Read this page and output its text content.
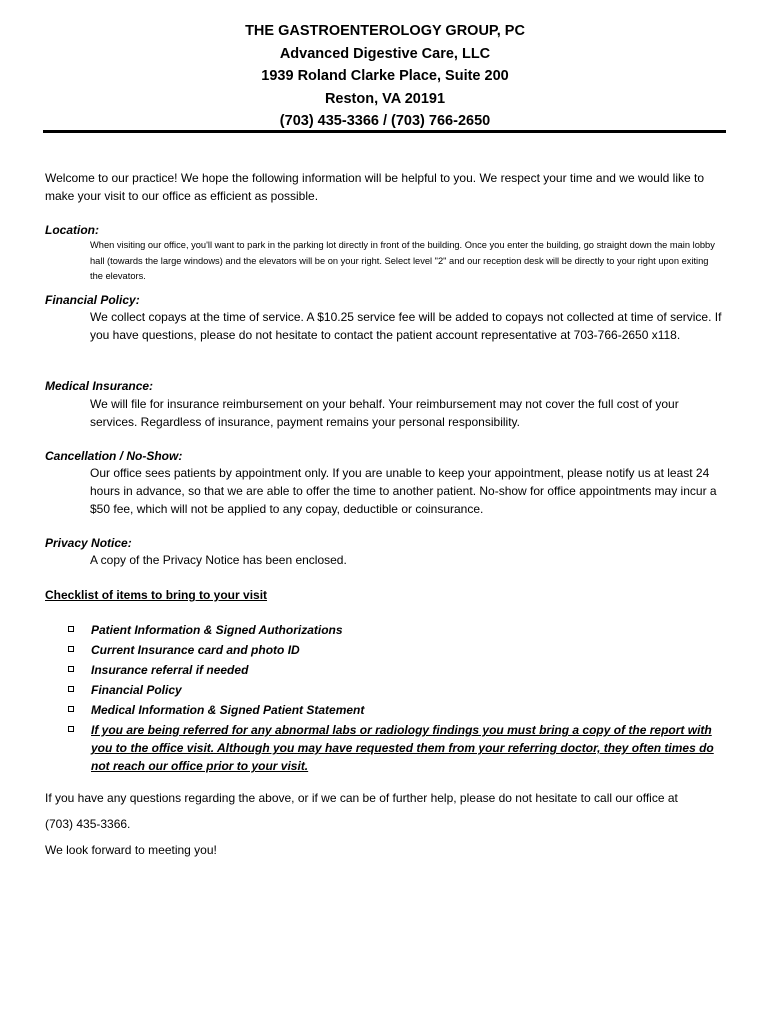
THE GASTROENTEROLOGY GROUP, PC
Advanced Digestive Care, LLC
1939 Roland Clarke Place, Suite 200
Reston, VA 20191
(703) 435-3366 / (703) 766-2650
Welcome to our practice! We hope the following information will be helpful to you. We respect your time and we would like to make your visit to our office as efficient as possible.
Location:
When visiting our office, you'll want to park in the parking lot directly in front of the building. Once you enter the building, go straight down the main lobby hall (towards the large windows) and the elevators will be on your right. Select level "2" and our reception desk will be directly to your right upon exiting the elevators.
Financial Policy:
We collect copays at the time of service. A $10.25 service fee will be added to copays not collected at time of service. If you have questions, please do not hesitate to contact the patient account representative at 703-766-2650 x118.
Medical Insurance:
We will file for insurance reimbursement on your behalf. Your reimbursement may not cover the full cost of your services. Regardless of insurance, payment remains your personal responsibility.
Cancellation / No-Show:
Our office sees patients by appointment only. If you are unable to keep your appointment, please notify us at least 24 hours in advance, so that we are able to offer the time to another patient. No-show for office appointments may incur a $50 fee, which will not be applied to any copay, deductible or coinsurance.
Privacy Notice:
A copy of the Privacy Notice has been enclosed.
Checklist of items to bring to your visit
Patient Information & Signed Authorizations
Current Insurance card and photo ID
Insurance referral if needed
Financial Policy
Medical Information & Signed Patient Statement
If you are being referred for any abnormal labs or radiology findings you must bring a copy of the report with you to the office visit. Although you may have requested them from your referring doctor, they often times do not reach our office prior to your visit.
If you have any questions regarding the above, or if we can be of further help, please do not hesitate to call our office at
(703) 435-3366.
We look forward to meeting you!
